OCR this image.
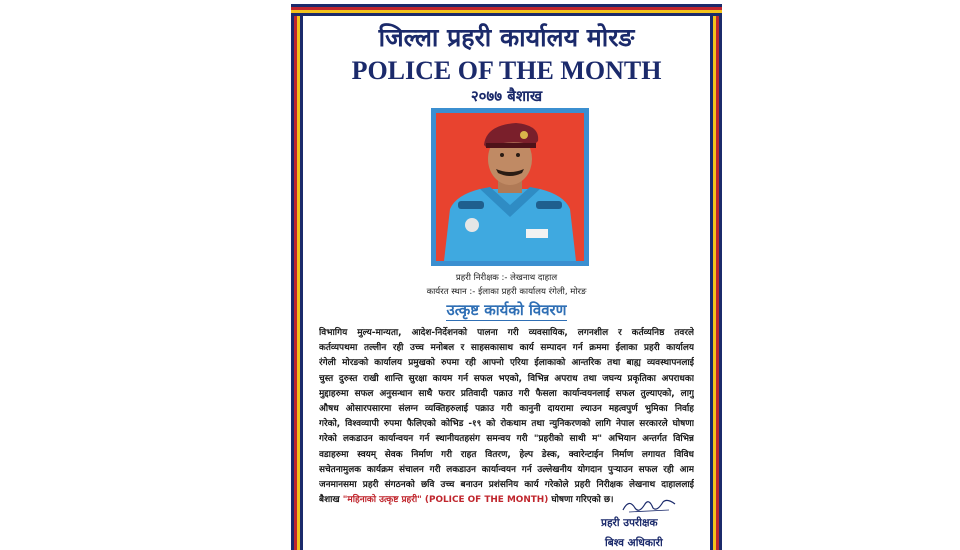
जिल्ला प्रहरी कार्यालय मोरङ
POLICE OF THE MONTH
२०७७ बैशाख
प्रहरी निरीक्षक :- लेखनाथ दाहाल
कार्यरत स्थान :- ईलाका प्रहरी कार्यालय रंगेली, मोरङ
उत्कृष्ट कार्यको विवरण
विभागिय मुल्य-मान्यता, आदेश-निर्देशनको पालना गरी व्यवसायिक, लगनशील र कर्तव्यनिष्ठ तवरले
कर्तव्यपथमा तल्लीन रही उच्च मनोबल र साहसकासाथ कार्य सम्पादन गर्न क्रममा ईलाका प्रहरी कार्यालय
रंगेली मोरङको कार्यालय प्रमुखको रुपमा रही आफ्नो एरिया ईलाकाको आन्तरिक तथा बाह्य व्यवस्थापनलाई
चुस्त दुरुस्त राखी शान्ति सुरक्षा कायम गर्न सफल भएको, विभिन्न अपराध तथा जघन्य प्रकृतिका अपराधका
मुद्दाहरुमा सफल अनुसन्धान साथै फरार प्रतिवादी पक्राउ गरी फैसला कार्यान्वयनलाई सफल तुल्याएको, लागु
औषध ओसारपसारमा संलग्न व्यक्तिहरुलाई पक्राउ गरी कानुनी दायरामा ल्याउन महत्वपुर्ण भुमिका निर्वाह
गरेको, विश्वव्यापी रुपमा फैलिएको कोभिड -१९ को रोकथाम तथा न्युनिकरणको लागि नेपाल सरकारले घोषणा
गरेको लकडाउन कार्यान्वयन गर्न स्थानीयतहसंग समन्वय गरी "प्रहरीको साथी म" अभियान अन्तर्गत विभिन्न
वडाहरुमा स्वयम् सेवक निर्माण गरी राहत वितरण, हेल्प डेस्क, क्वारेन्टाईन निर्माण लगायत विविध
सचेतनामुलक कार्यक्रम संचालन गरी लकडाउन कार्यान्वयन गर्न उल्लेखनीय योगदान पुर्‍याउन सफल रही आम
जनमानसमा प्रहरी संगठनको छवि उच्च बनाउन प्रशंसनिय कार्य गरेकोले प्रहरी निरीक्षक लेखनाथ दाहाललाई
बैशाख "महिनाको उत्कृष्ट प्रहरी" (POLICE OF THE MONTH) घोषणा गरिएको छ।
प्रहरी उपरीक्षक
बिश्व अधिकारी
